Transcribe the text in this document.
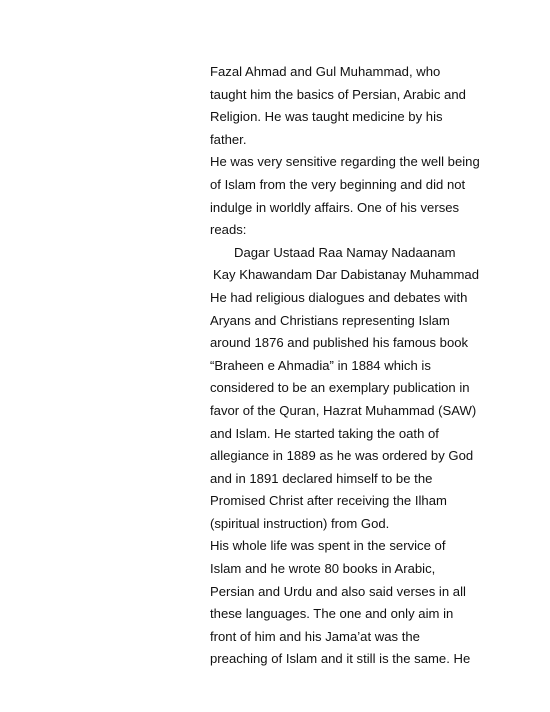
Fazal Ahmad and Gul Muhammad, who
taught him the basics of Persian, Arabic and
Religion. He was taught medicine by his
father.
He was very sensitive regarding the well being
of Islam from the very beginning and did not
indulge in worldly affairs. One of his verses
reads:
Dagar Ustaad Raa Namay Nadaanam
Kay Khawandam Dar Dabistanay Muhammad
He had religious dialogues and debates with
Aryans and Christians representing Islam
around 1876 and published his famous book
“Braheen e Ahmadia” in 1884 which is
considered to be an exemplary publication in
favor of the Quran, Hazrat Muhammad (SAW)
and Islam. He started taking the oath of
allegiance in 1889 as he was ordered by God
and in 1891 declared himself to be the
Promised Christ after receiving the Ilham
(spiritual instruction) from God.
His whole life was spent in the service of
Islam and he wrote 80 books in Arabic,
Persian and Urdu and also said verses in all
these languages. The one and only aim in
front of him and his Jama’at was the
preaching of Islam and it still is the same. He
